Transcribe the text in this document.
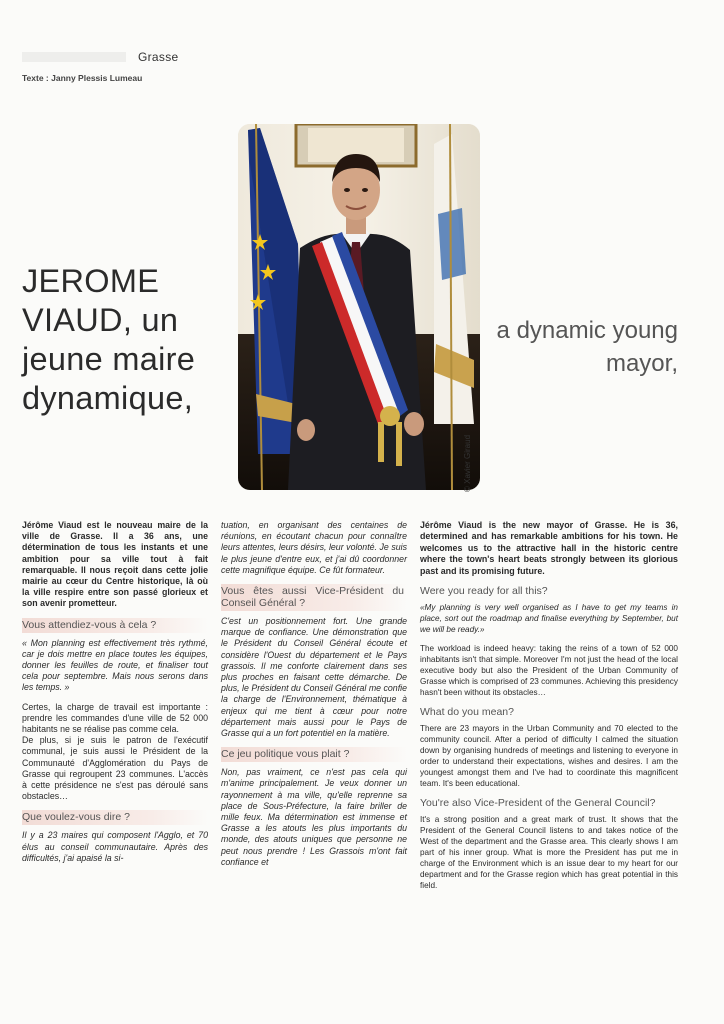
Grasse
Texte : Janny Plessis Lumeau
JEROME VIAUD, un jeune maire dynamique,
a dynamic young mayor,
© Xavier Giraud

Jérôme Viaud est le nouveau maire de la ville de Grasse. Il a 36 ans, une détermination de tous les instants et une ambition pour sa ville tout à fait remarquable. Il nous reçoit dans cette jolie mairie au cœur du Centre historique, là où la ville respire entre son passé glorieux et son avenir prometteur.

Vous attendiez-vous à cela ?

« Mon planning est effectivement très rythmé, car je dois mettre en place toutes les équipes, donner les feuilles de route, et finaliser tout cela pour septembre. Mais nous serons dans les temps. »

Certes, la charge de travail est importante : prendre les commandes d'une ville de 52 000 habitants ne se réalise pas comme cela.

De plus, si je suis le patron de l'exécutif communal, je suis aussi le Président de la Communauté d'Agglomération du Pays de Grasse qui regroupent 23 communes. L'accès à cette présidence ne s'est pas déroulé sans obstacles…

Que voulez-vous dire ?

Il y a 23 maires qui composent l'Agglo, et 70 élus au conseil communautaire. Après des difficultés, j'ai apaisé la si-

tuation, en organisant des centaines de réunions, en écoutant chacun pour connaître leurs attentes, leurs désirs, leur volonté. Je suis le plus jeune d'entre eux, et j'ai dû coordonner cette magnifique équipe. Ce fût formateur.

Vous êtes aussi Vice-Président du Conseil Général ?

C'est un positionnement fort. Une grande marque de confiance. Une démonstration que le Président du Conseil Général écoute et considère l'Ouest du département et le Pays grassois. Il me conforte clairement dans ses plus proches en faisant cette démarche. De plus, le Président du Conseil Général me confie la charge de l'Environnement, thématique à enjeux qui me tient à cœur pour notre département mais aussi pour le Pays de Grasse qui a un fort potentiel en la matière.

Ce jeu politique vous plait ?

Non, pas vraiment, ce n'est pas cela qui m'anime principalement. Je veux donner un rayonnement à ma ville, qu'elle reprenne sa place de Sous-Préfecture, la faire briller de mille feux. Ma détermination est immense et Grasse a les atouts les plus importants du monde, des atouts uniques que personne ne peut nous prendre ! Les Grassois m'ont fait confiance et

Jérôme Viaud is the new mayor of Grasse. He is 36, determined and has remarkable ambitions for his town. He welcomes us to the attractive hall in the historic centre where the town's heart beats strongly between its glorious past and its promising future.

Were you ready for all this?

«My planning is very well organised as I have to get my teams in place, sort out the roadmap and finalise everything by September, but we will be ready.»

The workload is indeed heavy: taking the reins of a town of 52 000 inhabitants isn't that simple. Moreover I'm not just the head of the local executive body but also the President of the Urban Community of Grasse which is comprised of 23 communes. Achieving this presidency hasn't been without its obstacles…

What do you mean?

There are 23 mayors in the Urban Community and 70 elected to the community council. After a period of difficulty I calmed the situation down by organising hundreds of meetings and listening to everyone in order to understand their expectations, wishes and desires. I am the youngest amongst them and I've had to coordinate this magnificent team. It's been educational.

You're also Vice-President of the General Council?

It's a strong position and a great mark of trust. It shows that the President of the General Council listens to and takes notice of the West of the department and the Grasse area. This clearly shows I am part of his inner group. What is more the President has put me in charge of the Environment which is an issue dear to my heart for our department and for the Grasse region which has great potential in this field.
